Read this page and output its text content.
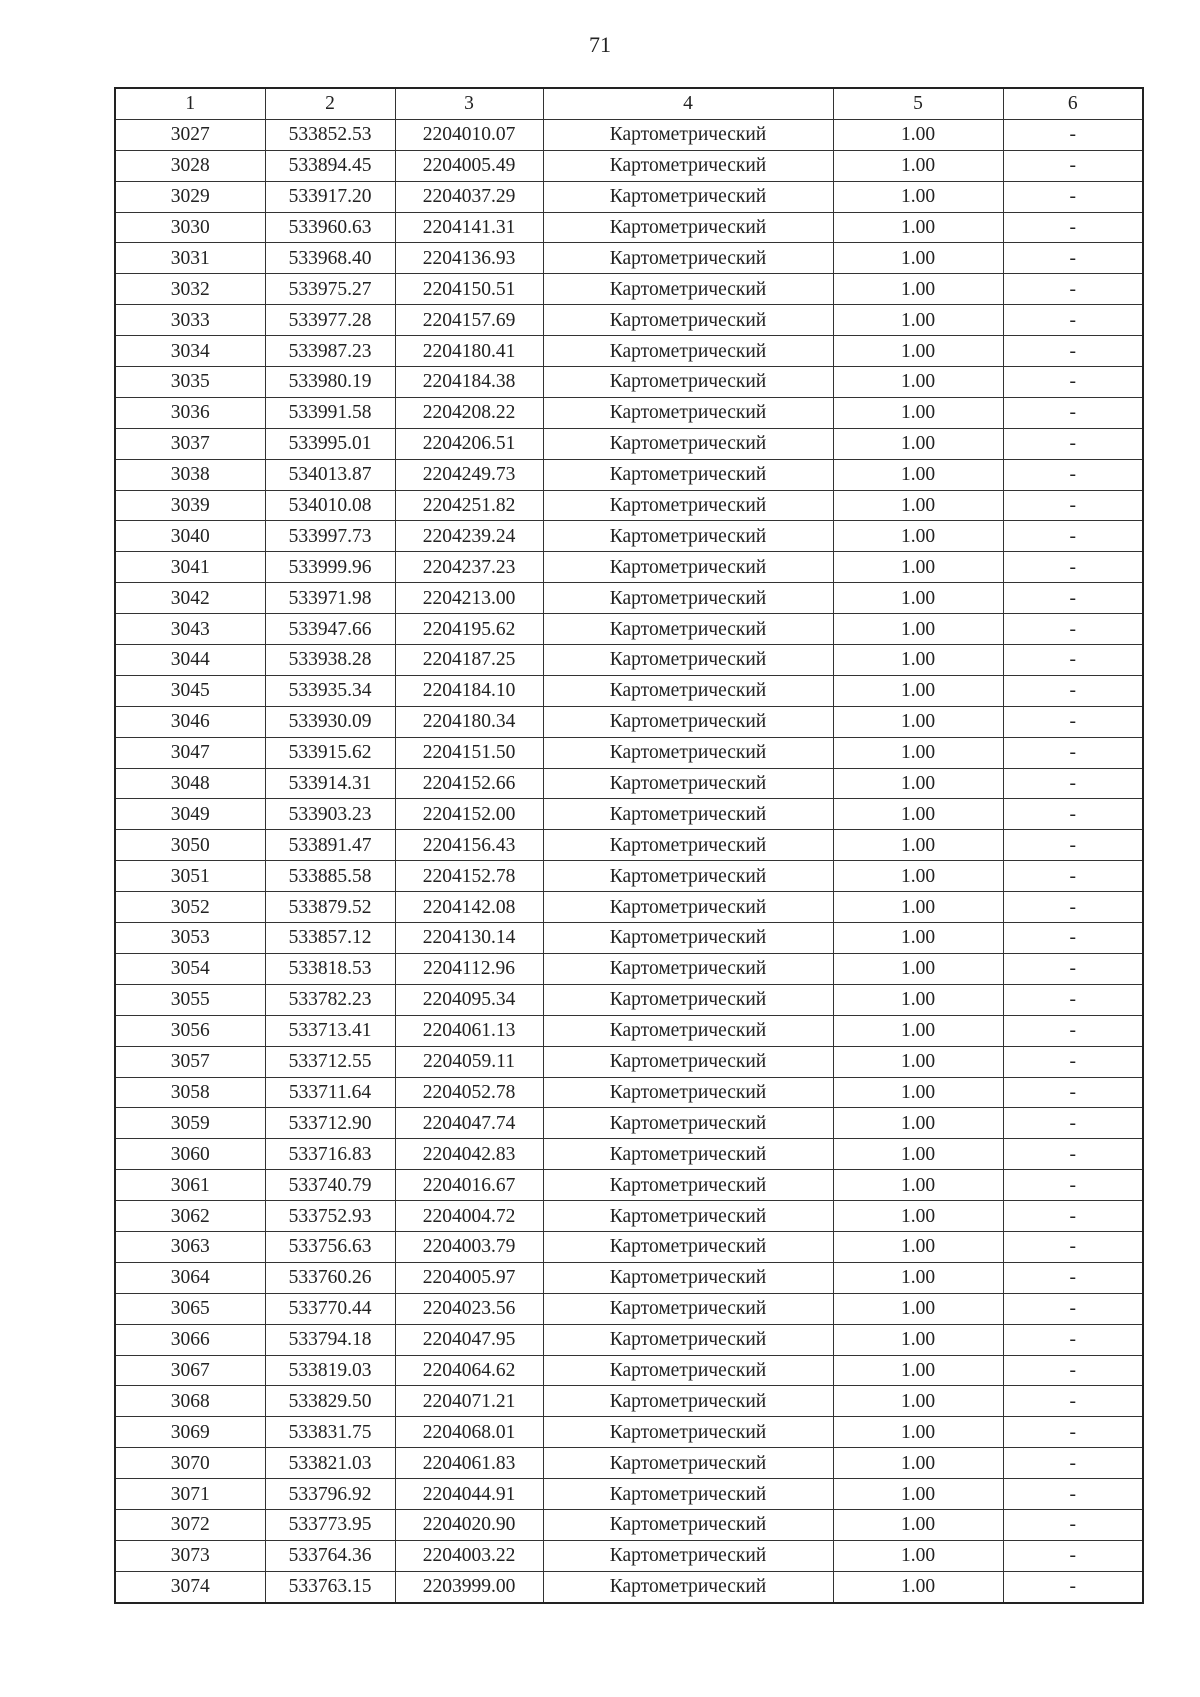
71
1	2	3	4	5	6
3027	533852.53	2204010.07	Картометрический	1.00	-
3028	533894.45	2204005.49	Картометрический	1.00	-
3029	533917.20	2204037.29	Картометрический	1.00	-
3030	533960.63	2204141.31	Картометрический	1.00	-
3031	533968.40	2204136.93	Картометрический	1.00	-
3032	533975.27	2204150.51	Картометрический	1.00	-
3033	533977.28	2204157.69	Картометрический	1.00	-
3034	533987.23	2204180.41	Картометрический	1.00	-
3035	533980.19	2204184.38	Картометрический	1.00	-
3036	533991.58	2204208.22	Картометрический	1.00	-
3037	533995.01	2204206.51	Картометрический	1.00	-
3038	534013.87	2204249.73	Картометрический	1.00	-
3039	534010.08	2204251.82	Картометрический	1.00	-
3040	533997.73	2204239.24	Картометрический	1.00	-
3041	533999.96	2204237.23	Картометрический	1.00	-
3042	533971.98	2204213.00	Картометрический	1.00	-
3043	533947.66	2204195.62	Картометрический	1.00	-
3044	533938.28	2204187.25	Картометрический	1.00	-
3045	533935.34	2204184.10	Картометрический	1.00	-
3046	533930.09	2204180.34	Картометрический	1.00	-
3047	533915.62	2204151.50	Картометрический	1.00	-
3048	533914.31	2204152.66	Картометрический	1.00	-
3049	533903.23	2204152.00	Картометрический	1.00	-
3050	533891.47	2204156.43	Картометрический	1.00	-
3051	533885.58	2204152.78	Картометрический	1.00	-
3052	533879.52	2204142.08	Картометрический	1.00	-
3053	533857.12	2204130.14	Картометрический	1.00	-
3054	533818.53	2204112.96	Картометрический	1.00	-
3055	533782.23	2204095.34	Картометрический	1.00	-
3056	533713.41	2204061.13	Картометрический	1.00	-
3057	533712.55	2204059.11	Картометрический	1.00	-
3058	533711.64	2204052.78	Картометрический	1.00	-
3059	533712.90	2204047.74	Картометрический	1.00	-
3060	533716.83	2204042.83	Картометрический	1.00	-
3061	533740.79	2204016.67	Картометрический	1.00	-
3062	533752.93	2204004.72	Картометрический	1.00	-
3063	533756.63	2204003.79	Картометрический	1.00	-
3064	533760.26	2204005.97	Картометрический	1.00	-
3065	533770.44	2204023.56	Картометрический	1.00	-
3066	533794.18	2204047.95	Картометрический	1.00	-
3067	533819.03	2204064.62	Картометрический	1.00	-
3068	533829.50	2204071.21	Картометрический	1.00	-
3069	533831.75	2204068.01	Картометрический	1.00	-
3070	533821.03	2204061.83	Картометрический	1.00	-
3071	533796.92	2204044.91	Картометрический	1.00	-
3072	533773.95	2204020.90	Картометрический	1.00	-
3073	533764.36	2204003.22	Картометрический	1.00	-
3074	533763.15	2203999.00	Картометрический	1.00	-
